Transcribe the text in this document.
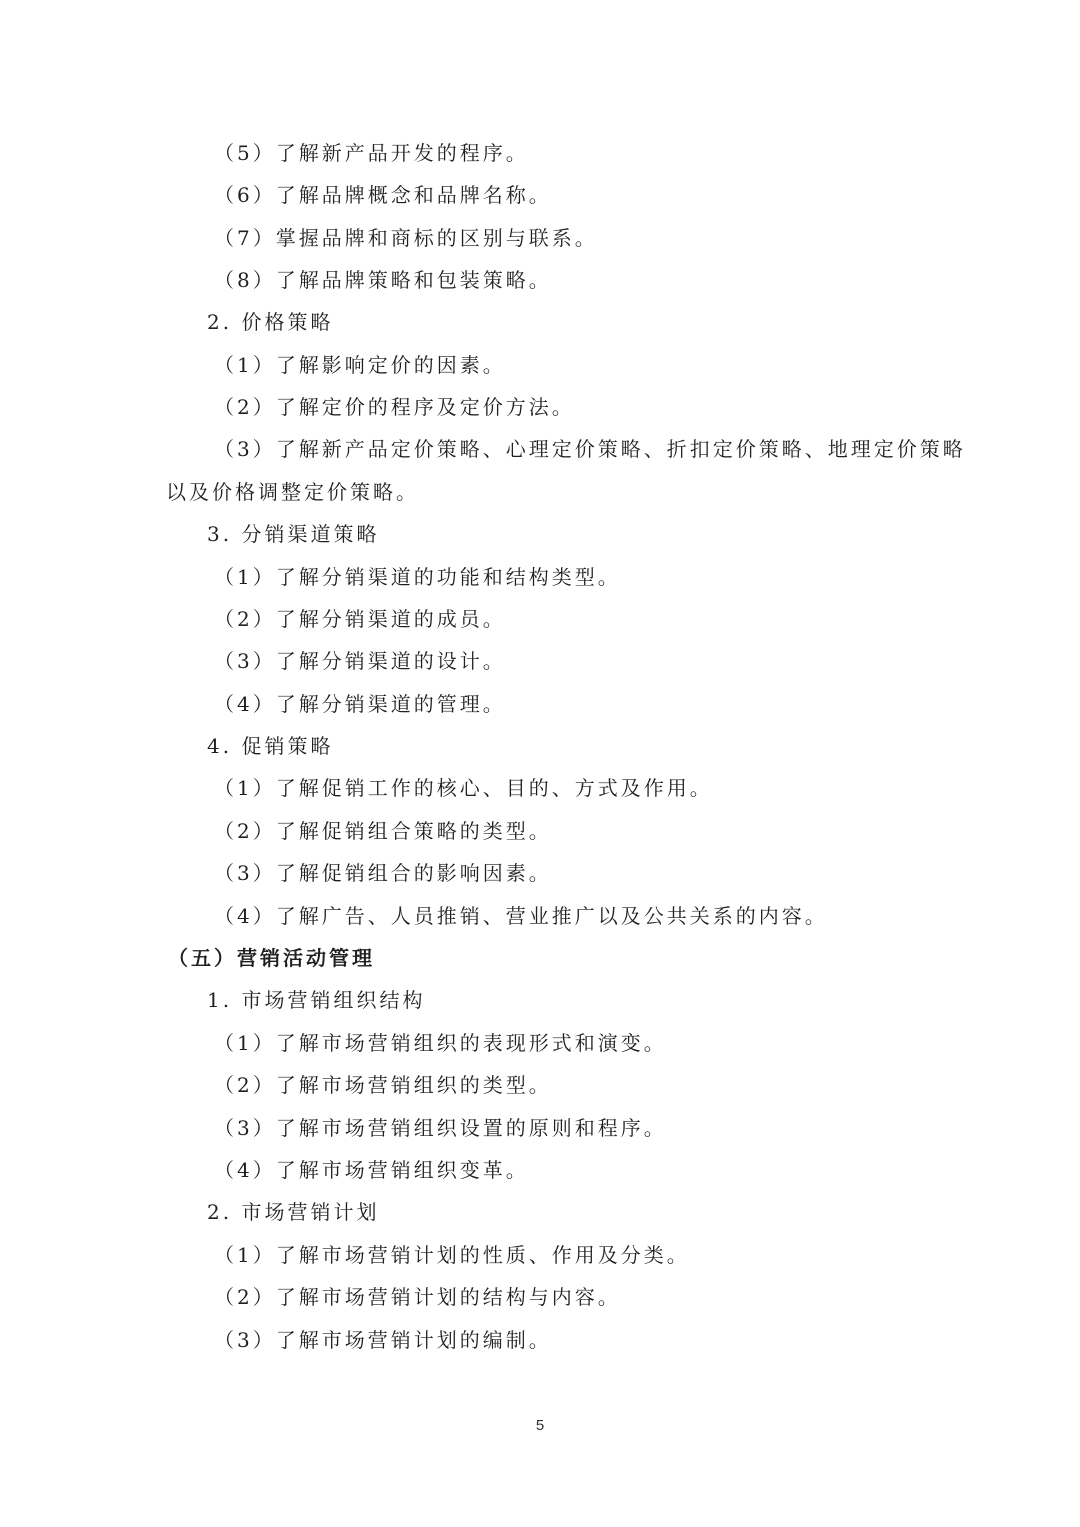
（5）了解新产品开发的程序。
（6）了解品牌概念和品牌名称。
（7）掌握品牌和商标的区别与联系。
（8）了解品牌策略和包装策略。
2. 价格策略
（1）了解影响定价的因素。
（2）了解定价的程序及定价方法。
（3）了解新产品定价策略、心理定价策略、折扣定价策略、地理定价策略
以及价格调整定价策略。
3. 分销渠道策略
（1）了解分销渠道的功能和结构类型。
（2）了解分销渠道的成员。
（3）了解分销渠道的设计。
（4）了解分销渠道的管理。
4. 促销策略
（1）了解促销工作的核心、目的、方式及作用。
（2）了解促销组合策略的类型。
（3）了解促销组合的影响因素。
（4）了解广告、人员推销、营业推广以及公共关系的内容。
（五）营销活动管理
1. 市场营销组织结构
（1）了解市场营销组织的表现形式和演变。
（2）了解市场营销组织的类型。
（3）了解市场营销组织设置的原则和程序。
（4）了解市场营销组织变革。
2. 市场营销计划
（1）了解市场营销计划的性质、作用及分类。
（2）了解市场营销计划的结构与内容。
（3）了解市场营销计划的编制。
5
